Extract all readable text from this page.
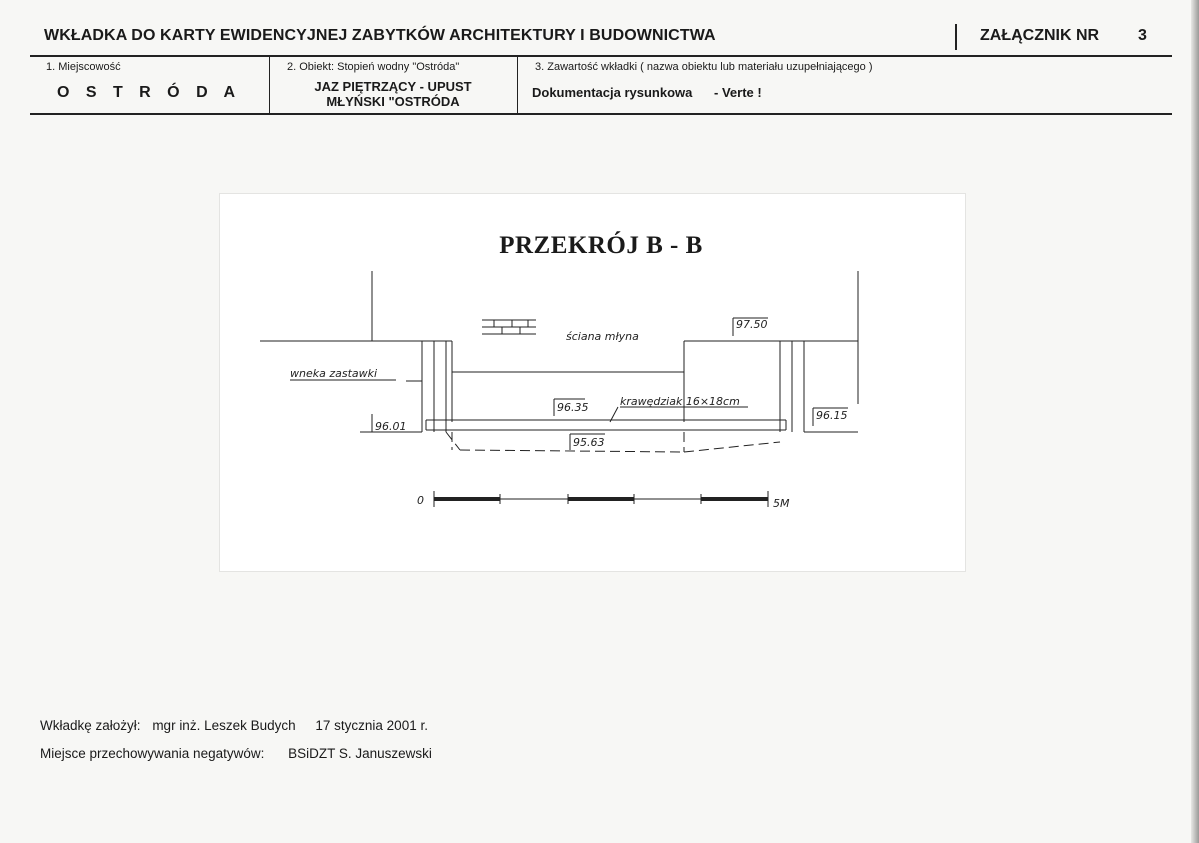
WKŁADKA DO KARTY EWIDENCYJNEJ ZABYTKÓW ARCHITEKTURY I BUDOWNICTWA	ZAŁĄCZNIK NR 3
1. Miejscowość
O S T R Ó D A
2. Obiekt: Stopień wodny "Ostróda"
JAZ PIĘTRZĄCY - UPUST
MŁYŃSKI "OSTRÓDA
3. Zawartość wkładki ( nazwa obiektu lub materiału uzupełniającego )
Dokumentacja rysunkowa - Verte !
PRZEKRÓJ B - B
ściana młyna
wneka zastawki
krawędziak 16×18cm
97.50
96.35
96.01
96.15
95.63
0	5M
Wkładkę założył: mgr inż. Leszek Budych 17 stycznia 2001 r.
Miejsce przechowywania negatywów: BSiDZT S. Januszewski
